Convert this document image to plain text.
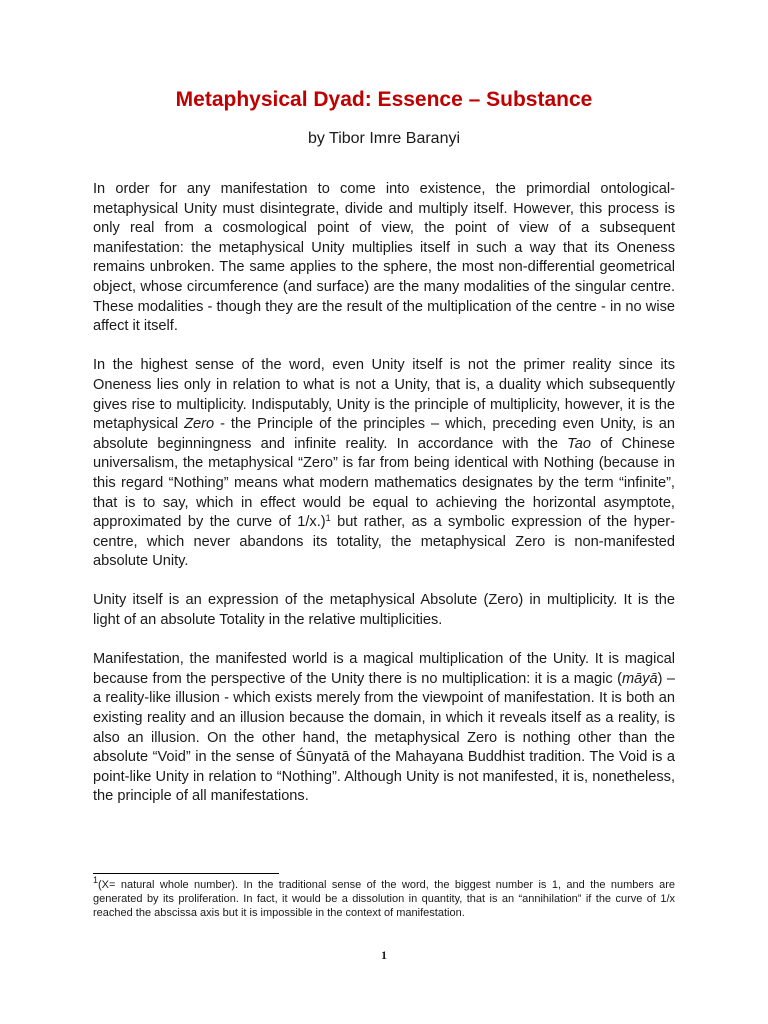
Metaphysical Dyad: Essence – Substance

by Tibor Imre Baranyi

In order for any manifestation to come into existence, the primordial ontological-metaphysical Unity must disintegrate, divide and multiply itself. However, this process is only real from a cosmological point of view, the point of view of a subsequent manifestation: the metaphysical Unity multiplies itself in such a way that its Oneness remains unbroken. The same applies to the sphere, the most non-differential geometrical object, whose circumference (and surface) are the many modalities of the singular centre. These modalities - though they are the result of the multiplication of the centre - in no wise affect it itself.

In the highest sense of the word, even Unity itself is not the primer reality since its Oneness lies only in relation to what is not a Unity, that is, a duality which subsequently gives rise to multiplicity. Indisputably, Unity is the principle of multiplicity, however, it is the metaphysical Zero - the Principle of the principles – which, preceding even Unity, is an absolute beginningness and infinite reality. In accordance with the Tao of Chinese universalism, the metaphysical “Zero” is far from being identical with Nothing (because in this regard “Nothing” means what modern mathematics designates by the term “infinite”, that is to say, which in effect would be equal to achieving the horizontal asymptote, approximated by the curve of 1/x.)$^1$ but rather, as a symbolic expression of the hyper-centre, which never abandons its totality, the metaphysical Zero is non-manifested absolute Unity.

Unity itself is an expression of the metaphysical Absolute (Zero) in multiplicity. It is the light of an absolute Totality in the relative multiplicities.

Manifestation, the manifested world is a magical multiplication of the Unity. It is magical because from the perspective of the Unity there is no multiplication: it is a magic (māyā) – a reality-like illusion - which exists merely from the viewpoint of manifestation. It is both an existing reality and an illusion because the domain, in which it reveals itself as a reality, is also an illusion. On the other hand, the metaphysical Zero is nothing other than the absolute “Void” in the sense of Śūnyatā of the Mahayana Buddhist tradition. The Void is a point-like Unity in relation to “Nothing”. Although Unity is not manifested, it is, nonetheless, the principle of all manifestations.

$^1$(X= natural whole number). In the traditional sense of the word, the biggest number is 1, and the numbers are generated by its proliferation. In fact, it would be a dissolution in quantity, that is an “annihilation” if the curve of 1/x reached the abscissa axis but it is impossible in the context of manifestation.

1
